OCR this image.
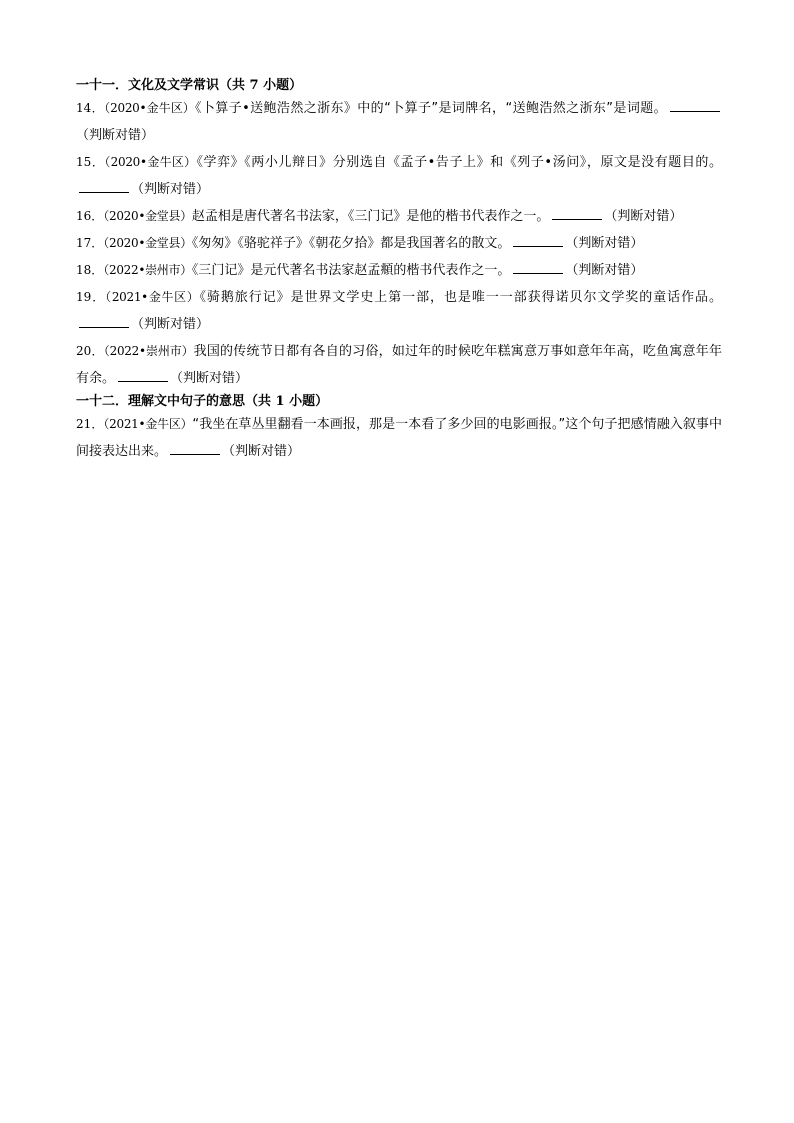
一十一．文化及文学常识（共 7 小题）
14．（2020•金牛区）《卜算子•送鲍浩然之浙东》中的“卜算子”是词牌名，“送鲍浩然之浙东”是词题。（判断对错）
15．（2020•金牛区）《学弈》《两小儿辩日》分别选自《孟子•告子上》和《列子•汤问》，原文是没有题目的。（判断对错）
16．（2020•金堂县）赵孟相是唐代著名书法家，《三门记》是他的楷书代表作之一。	（判断对错）
17．（2020•金堂县）《匆匆》《骆驼祥子》《朝花夕拾》都是我国著名的散文。	（判断对错）
18．（2022•崇州市）《三门记》是元代著名书法家赵孟頫的楷书代表作之一。	（判断对错）
19．（2021•金牛区）《骑鹅旅行记》是世界文学史上第一部，也是唯一一部获得诺贝尔文学奖的童话作品。（判断对错）
20．（2022•崇州市）我国的传统节日都有各自的习俗，如过年的时候吃年糕寓意万事如意年年高，吃鱼寓意年年有余。	（判断对错）
一十二．理解文中句子的意思（共 1 小题）
21．（2021•金牛区）“我坐在草丛里翻看一本画报，那是一本看了多少回的电影画报。”这个句子把感情融入叙事中间接表达出来。	（判断对错）
